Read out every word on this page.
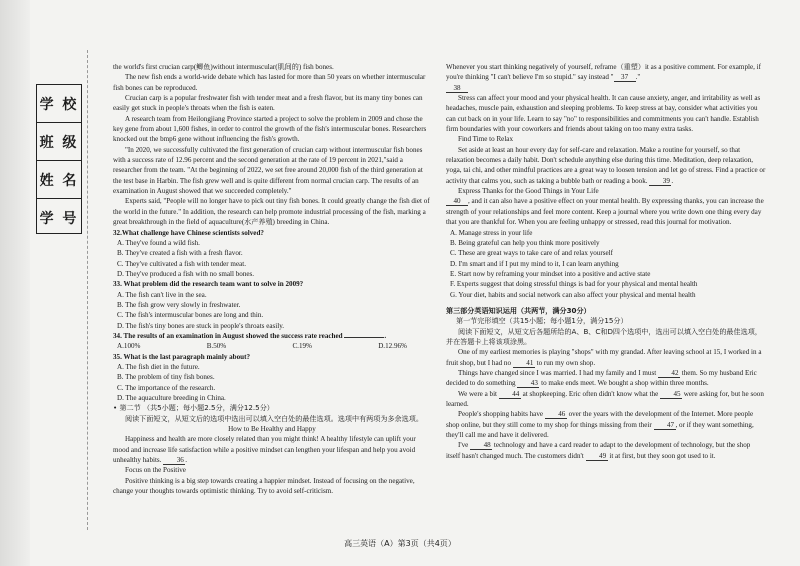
学 校
班 级
姓 名
学 号

the world's first crucian carp(鲫鱼)without intermuscular(肌间的) fish bones.

The new fish ends a world-wide debate which has lasted for more than 50 years on whether intermuscular fish bones can be reproduced.

Crucian carp is a popular freshwater fish with tender meat and a fresh flavor, but its many tiny bones can easily get stuck in people's throats when the fish is eaten.

A research team from Heilongjiang Province started a project to solve the problem in 2009 and chose the key gene from about 1,600 fishes, in order to control the growth of the fish's intermuscular bones. Researchers knocked out the bmp6 gene without influencing the fish's growth.

"In 2020, we successfully cultivated the first generation of crucian carp without intermuscular fish bones with a success rate of 12.96 percent and the second generation at the rate of 19 percent in 2021,"said a researcher from the team. "At the beginning of 2022, we set free around 20,000 fish of the third generation at the test base in Harbin. The fish grew well and is quite different from normal crucian carp. The results of an examination in August showed that we succeeded completely."

Experts said, "People will no longer have to pick out tiny fish bones. It could greatly change the fish diet of the world in the future." In addition, the research can help promote industrial processing of the fish, marking a great breakthrough in the field of aquaculture(水产养殖) breeding in China.

32.What challenge have Chinese scientists solved?

A. They've found a wild fish.

B. They've created a fish with a fresh flavor.

C. They've cultivated a fish with tender meat.

D. They've produced a fish with no small bones.

33. What problem did the research team want to solve in 2009?

A. The fish can't live in the sea.

B. The fish grow very slowly in freshwater.

C. The fish's intermuscular bones are long and thin.

D. The fish's tiny bones are stuck in people's throats easily.

34. The results of an examination in August showed the success rate reached	.

A.100%	B.50%	C.19%	D.12.96%

35. What is the last paragraph mainly about?

A. The fish diet in the future.

B. The problem of tiny fish bones.

C. The importance of the research.

D. The aquaculture breeding in China.

• 第二节 （共5小题；每小题2.5分，满分12.5分）

阅读下面短文，从短文后的选项中选出可以填入空白处的最佳选项。选项中有两项为多余选项。

How to Be Healthy and Happy

Happiness and health are more closely related than you might think! A healthy lifestyle can uplift your mood and increase life satisfaction while a positive mindset can lengthen your lifespan and help you avoid unhealthy habits. 36.

Focus on the Positive

Positive thinking is a big step towards creating a happier mindset. Instead of focusing on the negative, change your thoughts towards optimistic thinking. Try to avoid self-criticism.

Whenever you start thinking negatively of yourself, reframe（重塑）it as a positive comment. For example, if you're thinking "I can't believe I'm so stupid." say instead " 37 ."

38

Stress can affect your mood and your physical health. It can cause anxiety, anger, and irritability as well as headaches, muscle pain, exhaustion and sleeping problems. To keep stress at bay, consider what activities you can cut back on in your life. Learn to say "no" to responsibilities and commitments you can't handle. Establish firm boundaries with your coworkers and friends about taking on too many extra tasks.

Find Time to Relax

Set aside at least an hour every day for self-care and relaxation. Make a routine for yourself, so that relaxation becomes a daily habit. Don't schedule anything else during this time. Meditation, deep relaxation, yoga, tai chi, and other mindful practices are a great way to loosen tension and let go of stress. Find a practice or activity that calms you, such as taking a bubble bath or reading a book. 39.

Express Thanks for the Good Things in Your Life

40 , and it can also have a positive effect on your mental health. By expressing thanks, you can increase the strength of your relationships and feel more content. Keep a journal where you write down one thing every day that you are thankful for. When you are feeling unhappy or stressed, read this journal for motivation.

A. Manage stress in your life

B. Being grateful can help you think more positively

C. These are great ways to take care of and relax yourself

D. I'm smart and if I put my mind to it, I can learn anything

E. Start now by reframing your mindset into a positive and active state

F. Experts suggest that doing stressful things is bad for your physical and mental health

G. Your diet, habits and social network can also affect your physical and mental health

第三部分英语知识运用（共两节，满分30分）

第一节完形填空（共15小题；每小题1分，满分15分）

阅读下面短文，从短文后各题所给的A、B、C和D四个选项中，选出可以填入空白处的最佳选项，并在答题卡上将该项涂黑。

One of my earliest memories is playing "shops" with my grandad. After leaving school at 15, I worked in a fruit shop, but I had no 41 to run my own shop.

Things have changed since I was married. I had my family and I must 42 them. So my husband Eric decided to do something 43 to make ends meet. We bought a shop within three months.

We were a bit 44 at shopkeeping. Eric often didn't know what the 45 were asking for, but he soon learned.

People's shopping habits have 46 over the years with the development of the Internet. More people shop online, but they still come to my shop for things missing from their 47, or if they want something, they'll call me and have it delivered.

I've 48 technology and have a card reader to adapt to the development of technology, but the shop itself hasn't changed much. The customers didn't 49 it at first, but they soon got used to it.

高三英语（A）第3页（共4页）
